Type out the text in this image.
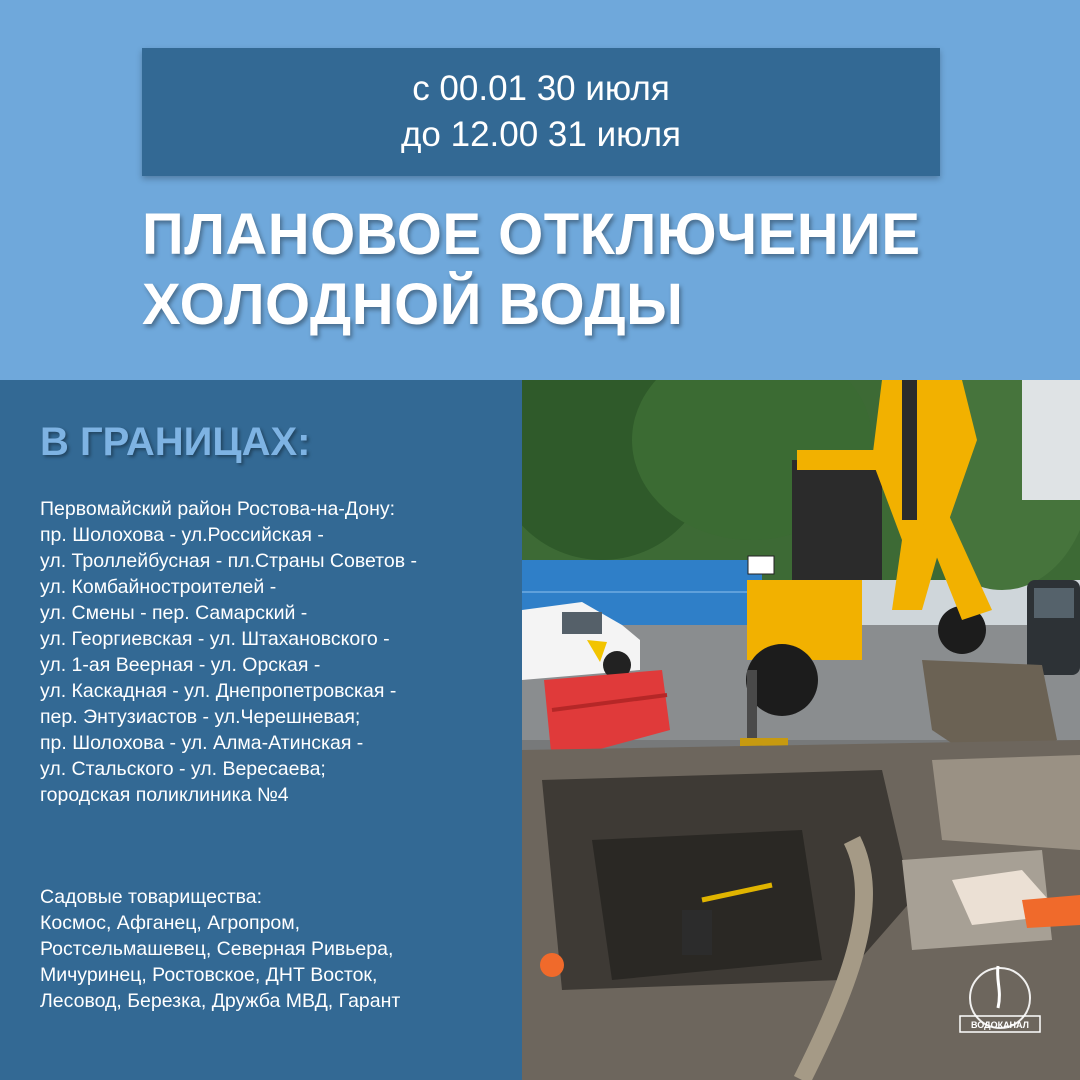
с 00.01 30 июля
до 12.00 31 июля
ПЛАНОВОЕ ОТКЛЮЧЕНИЕ
ХОЛОДНОЙ ВОДЫ
В ГРАНИЦАХ:
Первомайский район Ростова-на-Дону:
пр. Шолохова - ул.Российская -
ул. Троллейбусная - пл.Страны Советов -
ул. Комбайностроителей -
ул. Смены - пер. Самарский -
ул. Георгиевская - ул. Штахановского -
ул. 1-ая Веерная - ул. Орская -
ул. Каскадная - ул. Днепропетровская -
пер. Энтузиастов - ул.Черешневая;
пр. Шолохова - ул. Алма-Атинская -
ул. Стальского - ул. Вересаева;
городская поликлиника №4
Садовые товарищества:
Космос, Афганец, Агропром,
Ростсельмашевец, Северная Ривьера,
Мичуринец, Ростовское, ДНТ Восток,
Лесовод, Березка, Дружба МВД, Гарант
ВОДОКАНАЛ
